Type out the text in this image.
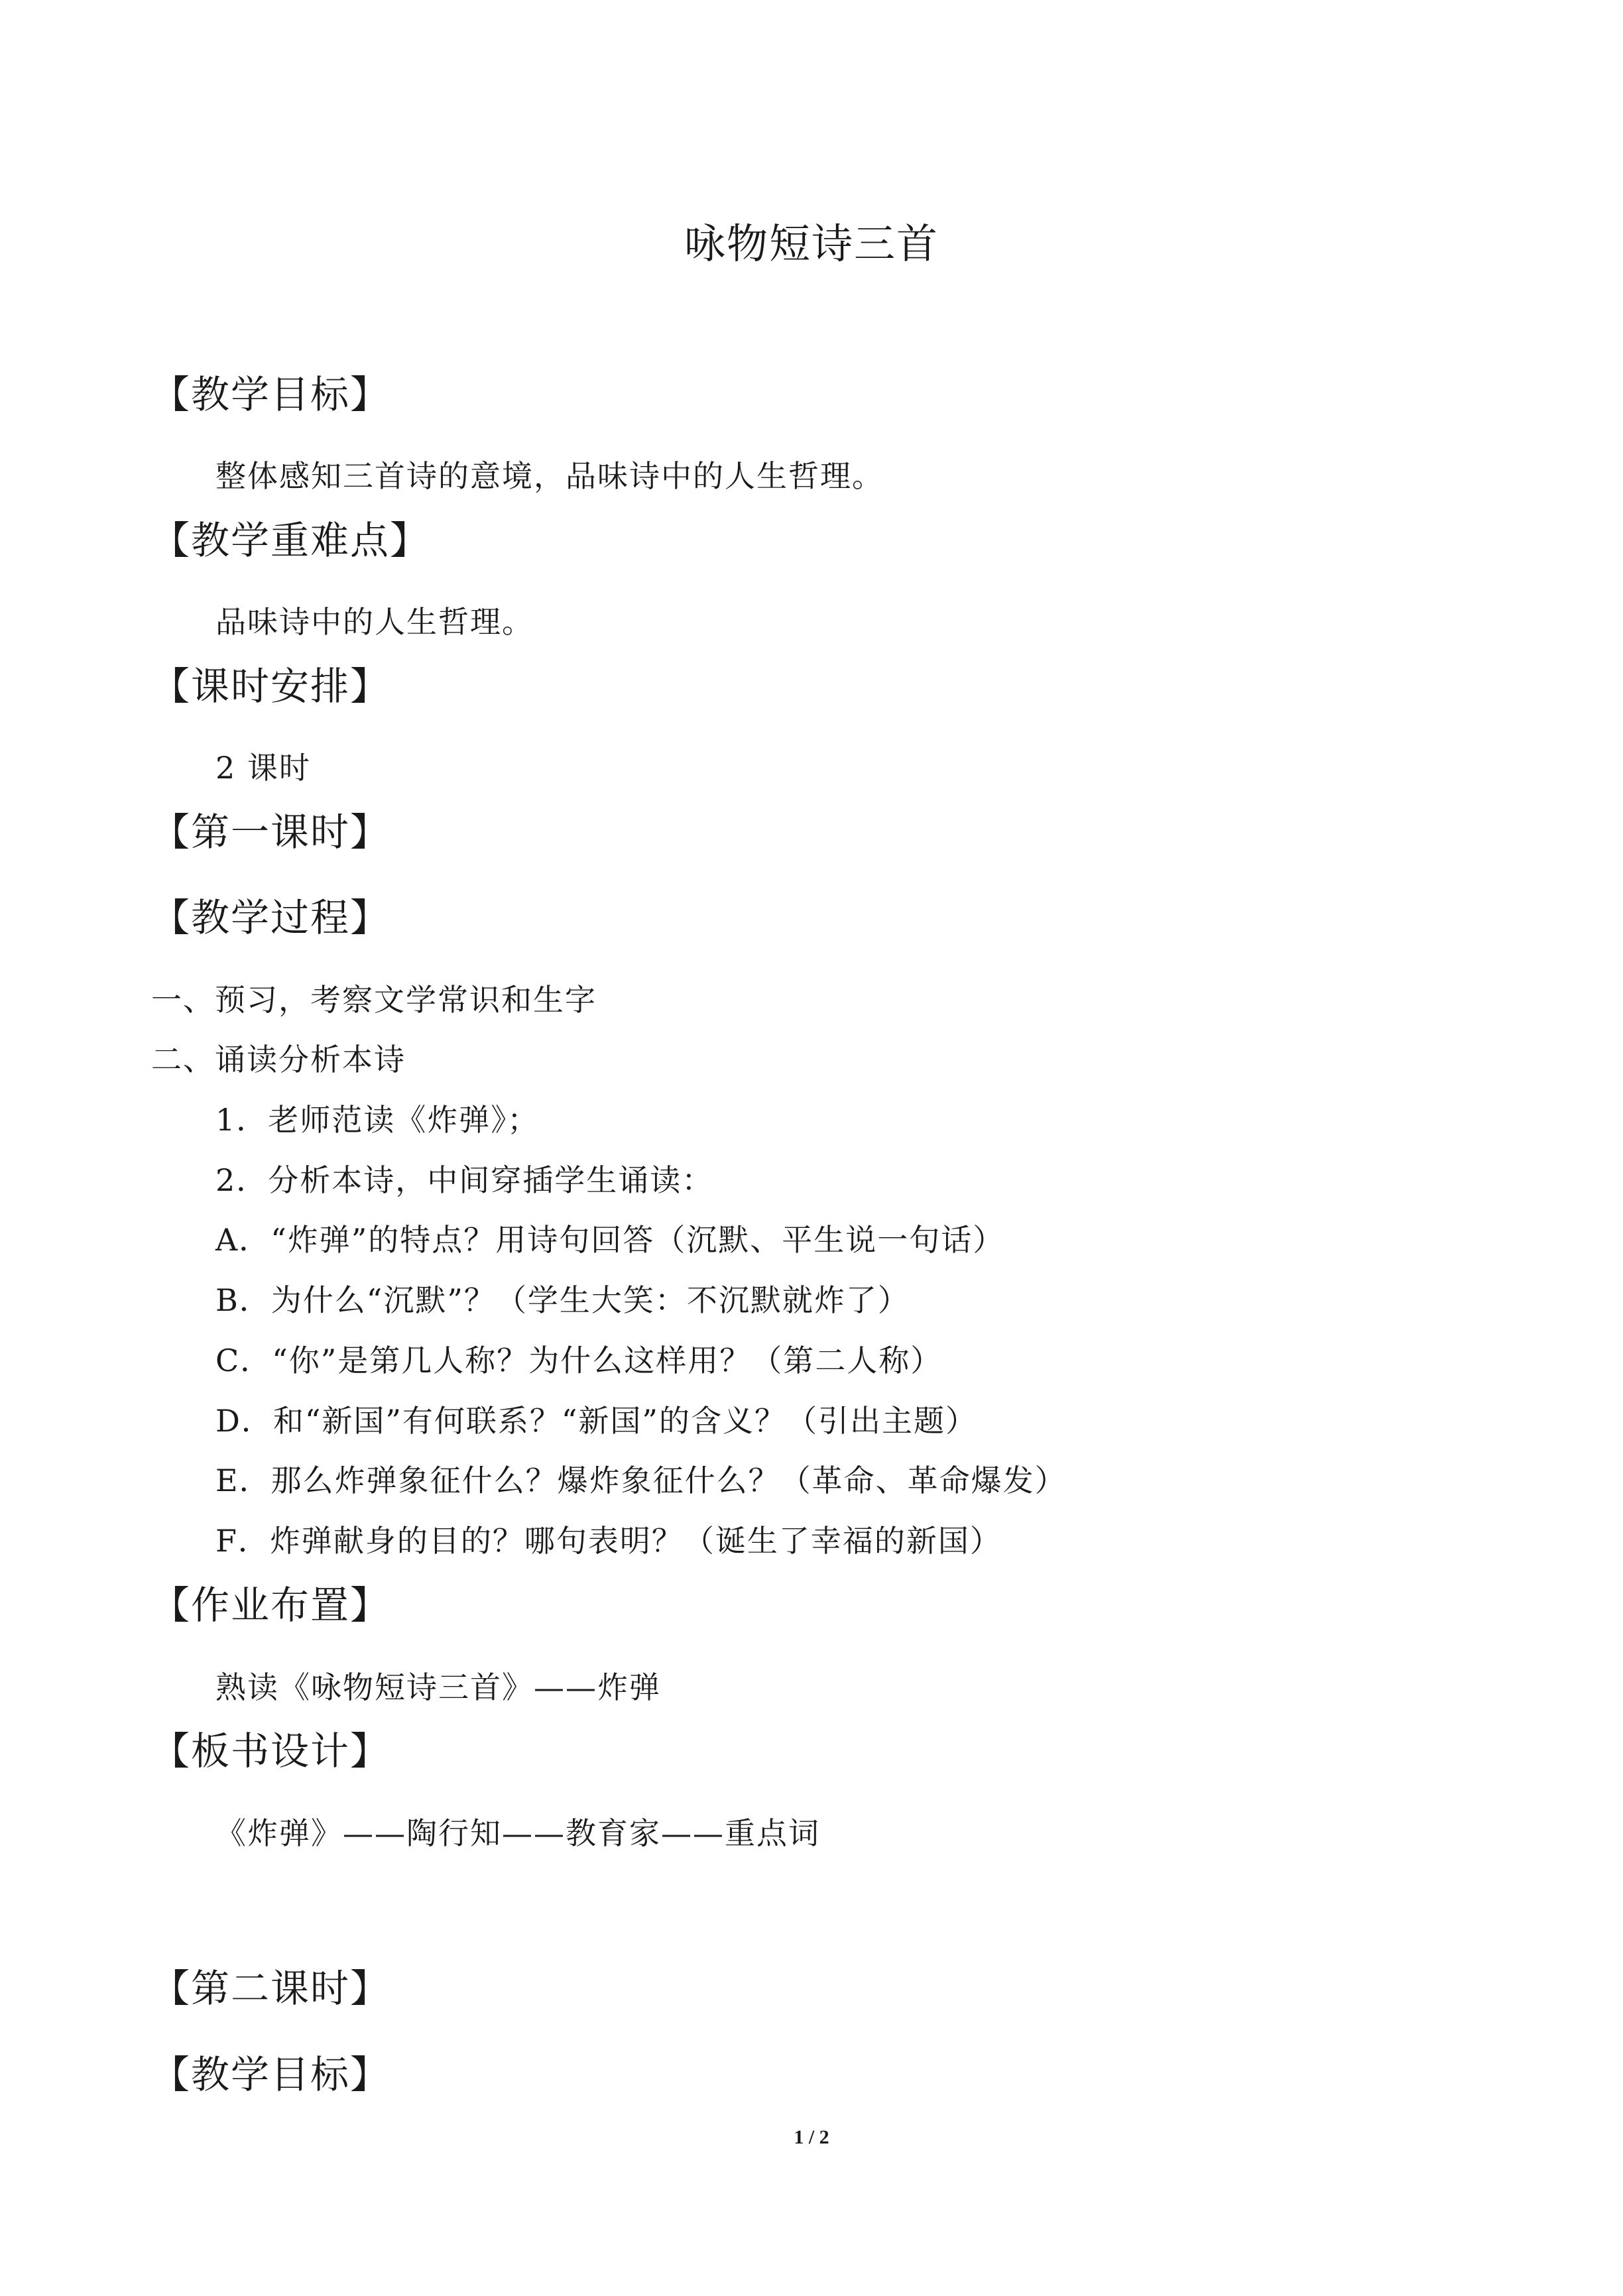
咏物短诗三首
【教学目标】
整体感知三首诗的意境，品味诗中的人生哲理。
【教学重难点】
品味诗中的人生哲理。
【课时安排】
2 课时
【第一课时】
【教学过程】
一、预习，考察文学常识和生字
二、诵读分析本诗
1．老师范读《炸弹》；
2．分析本诗，中间穿插学生诵读：
A．“炸弹”的特点？用诗句回答（沉默、平生说一句话）
B．为什么“沉默”？（学生大笑：不沉默就炸了）
C．“你”是第几人称？为什么这样用？（第二人称）
D．和“新国”有何联系？“新国”的含义？（引出主题）
E．那么炸弹象征什么？爆炸象征什么？（革命、革命爆发）
F．炸弹献身的目的？哪句表明？（诞生了幸福的新国）
【作业布置】
熟读《咏物短诗三首》——炸弹
【板书设计】
《炸弹》——陶行知——教育家——重点词
【第二课时】
【教学目标】
1 / 2
